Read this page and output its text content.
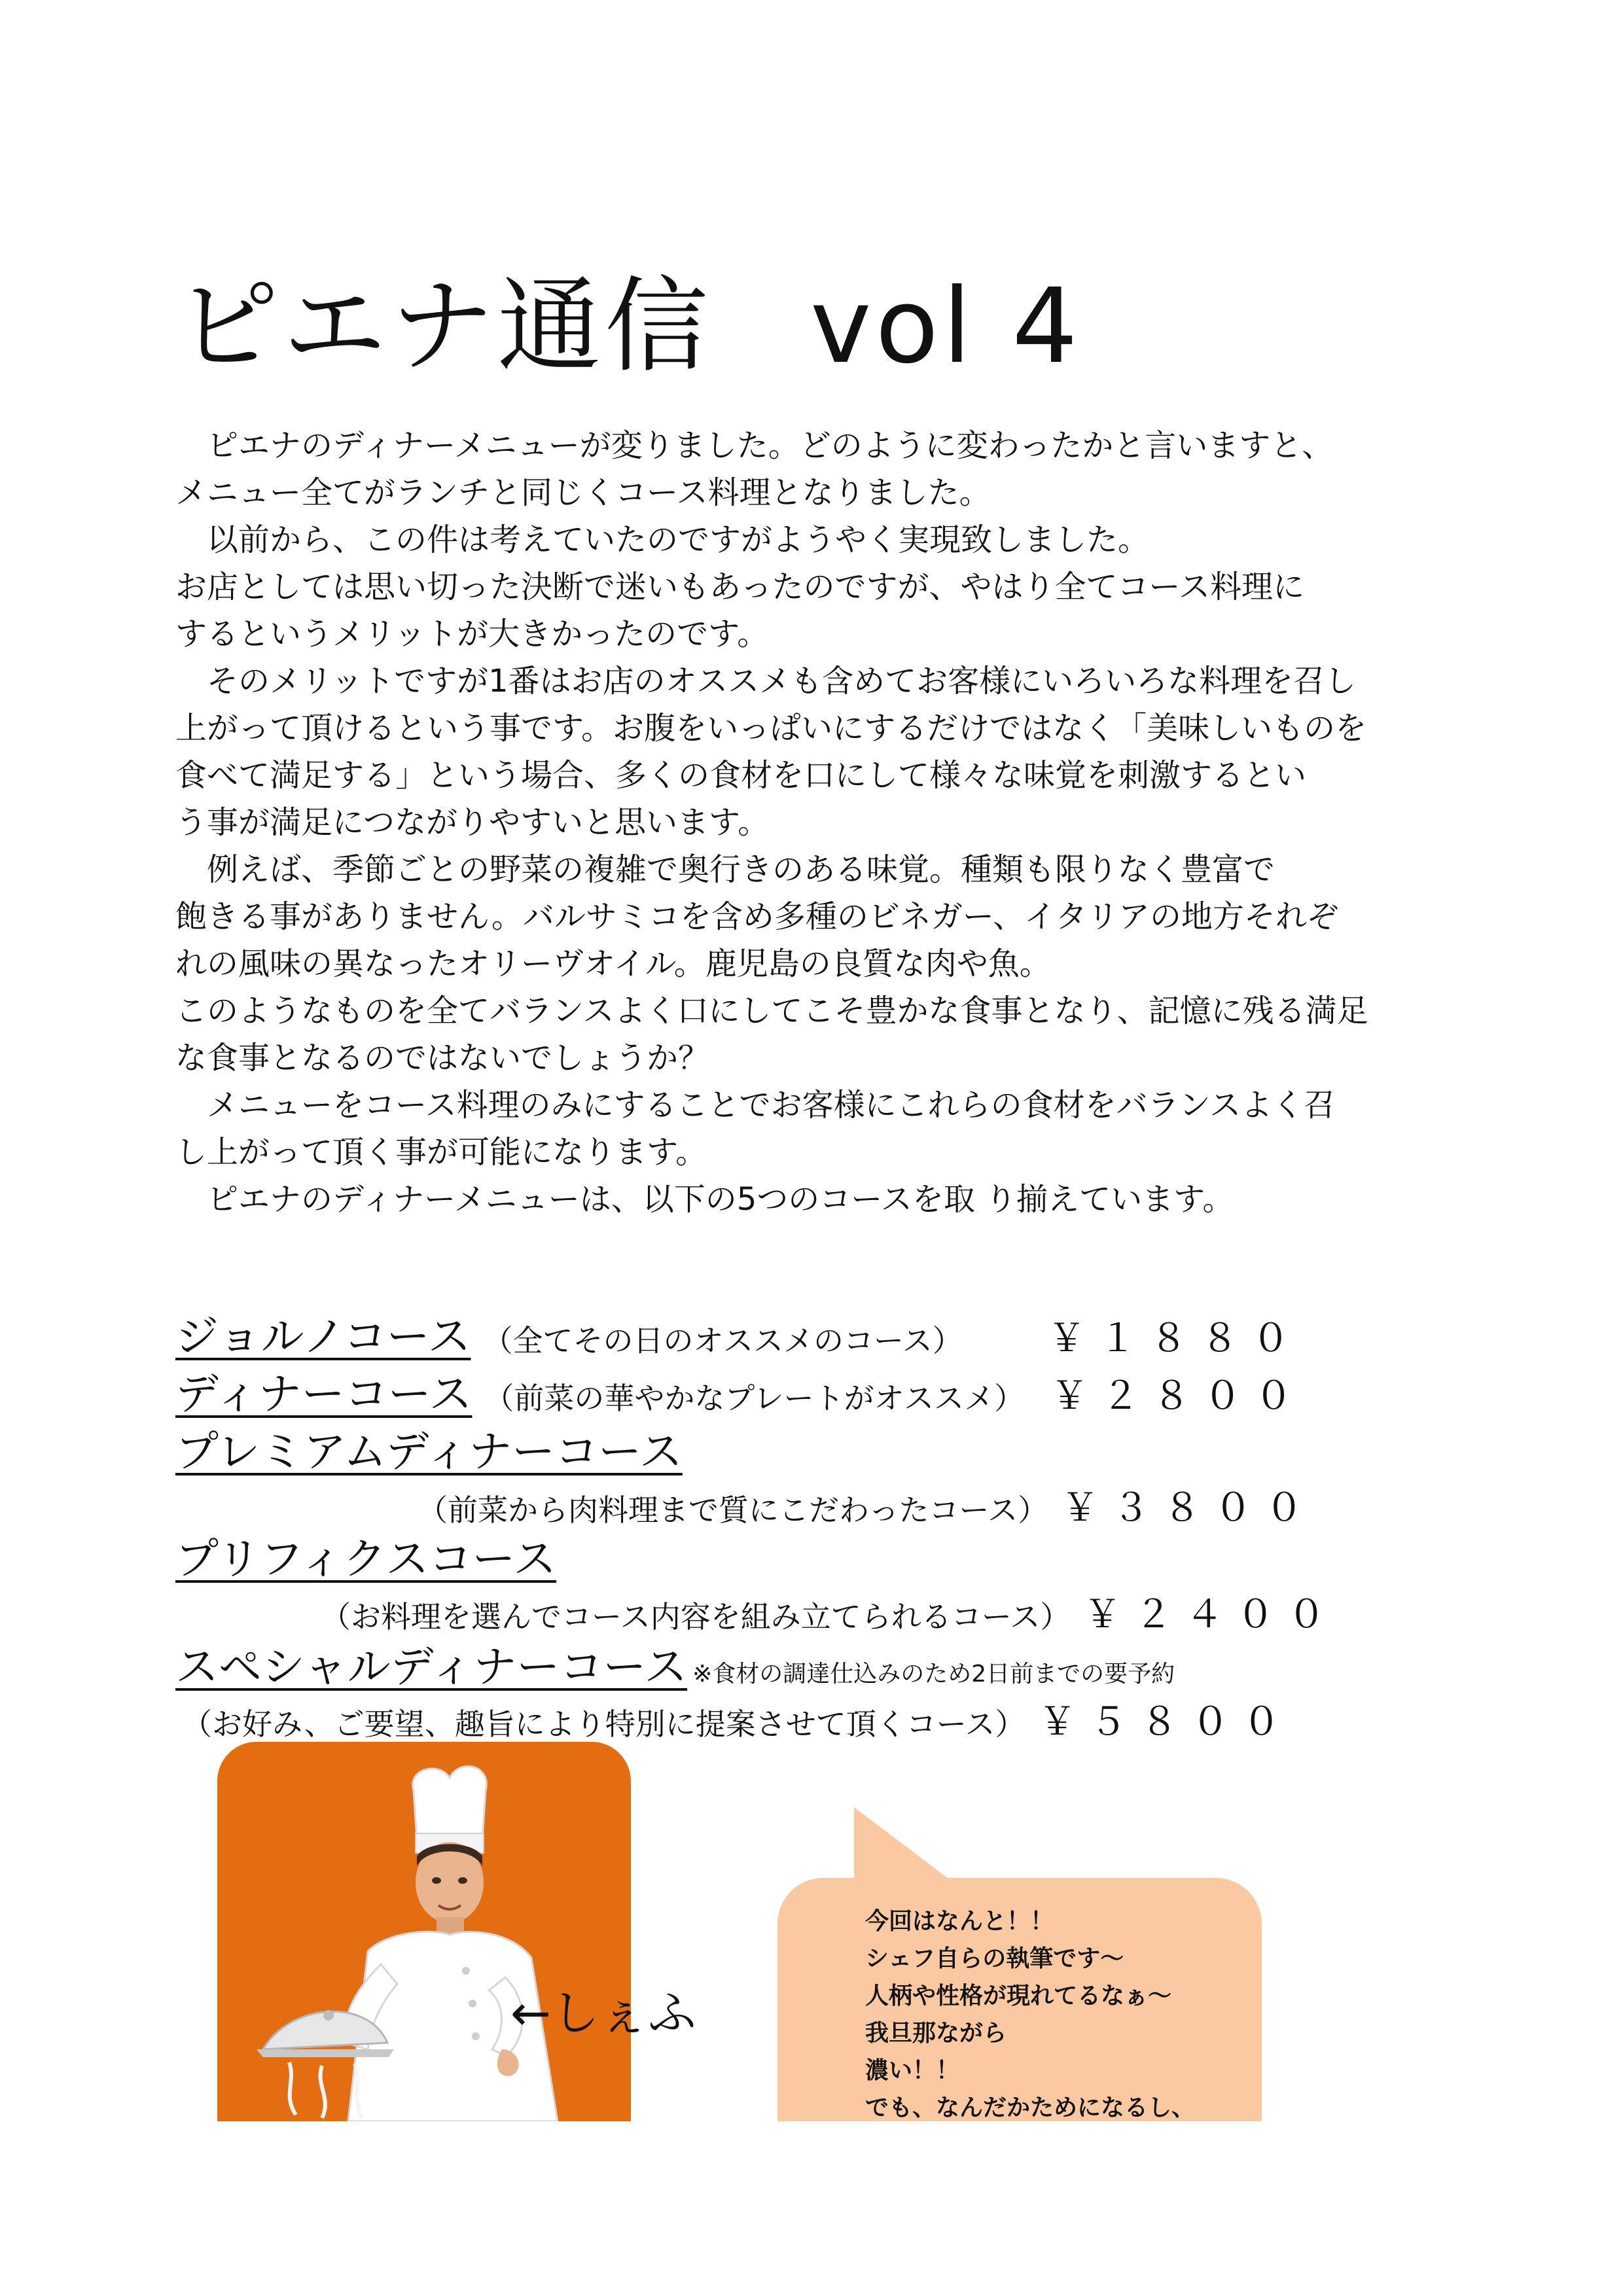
ピエナ通信 vol 4

　ピエナのディナーメニューが変りました。どのように変わったかと言いますと、

メニュー全てがランチと同じくコース料理となりました。

　以前から、この件は考えていたのですがようやく実現致しました。

お店としては思い切った決断で迷いもあったのですが、やはり全てコース料理に

するというメリットが大きかったのです。

　そのメリットですが1番はお店のオススメも含めてお客様にいろいろな料理を召し

上がって頂けるという事です。お腹をいっぱいにするだけではなく「美味しいものを

食べて満足する」という場合、多くの食材を口にして様々な味覚を刺激するとい

う事が満足につながりやすいと思います。

　例えば、季節ごとの野菜の複雑で奥行きのある味覚。種類も限りなく豊富で

飽きる事がありません。バルサミコを含め多種のビネガー、イタリアの地方それぞ

れの風味の異なったオリーヴオイル。鹿児島の良質な肉や魚。

このようなものを全てバランスよく口にしてこそ豊かな食事となり、記憶に残る満足

な食事となるのではないでしょうか？

　メニューをコース料理のみにすることでお客様にこれらの食材をバランスよく召

し上がって頂く事が可能になります。

　ピエナのディナーメニューは、以下の5つのコースを取 り揃えています。

ジョルノコース （全てその日のオススメのコース） ￥１８８０
ディナーコース （前菜の華やかなプレートがオススメ） ￥２８００
プレミアムディナーコース
（前菜から肉料理まで質にこだわったコース） ￥３８００
プリフィクスコース
（お料理を選んでコース内容を組み立てられるコース） ￥２４００
スペシャルディナーコース ※食材の調達仕込みのため2日前までの要予約
（お好み、ご要望、趣旨により特別に提案させて頂くコース） ￥５８００
←しぇふ
今回はなんと！！
シェフ自らの執筆です～
人柄や性格が現れてるなぁ～
我旦那ながら
濃い！！
でも、なんだかためになるし、
